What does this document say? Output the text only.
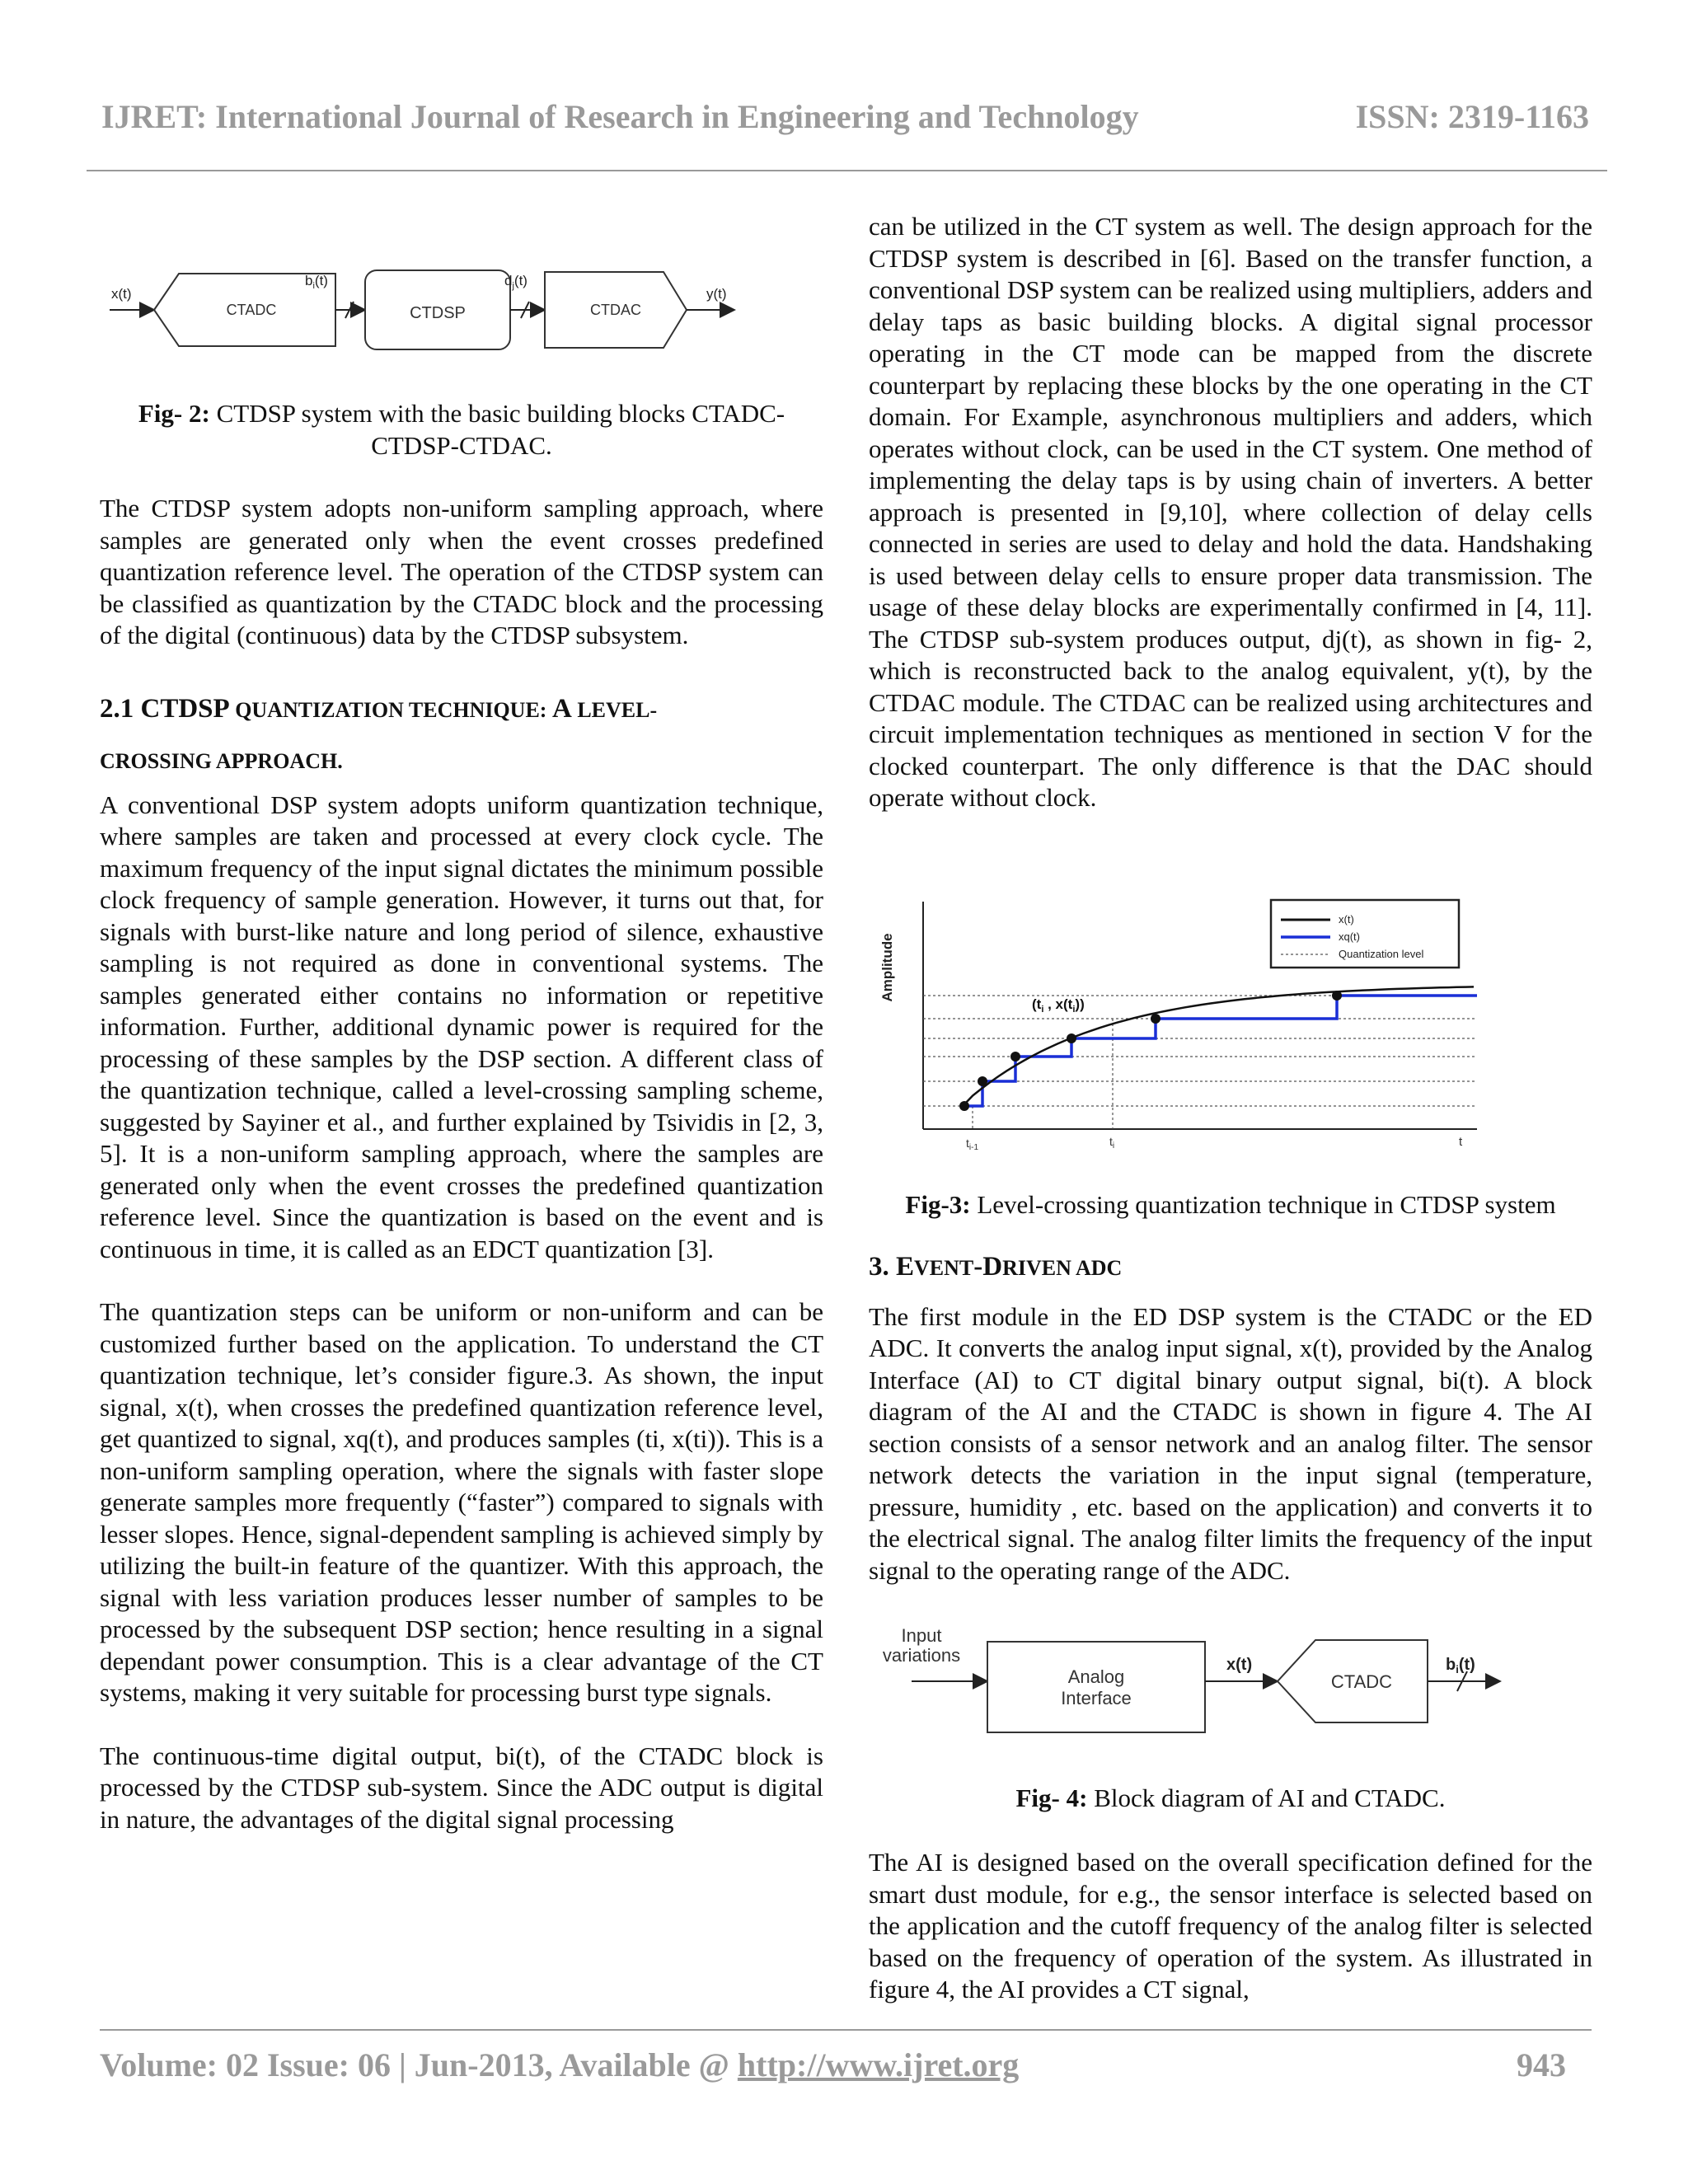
IJRET: International Journal of Research in Engineering and Technology	ISSN: 2319-1163
x(t)
CTADC
$b_i(t)$
CTDSP
$d_j(t)$
CTDAC
y(t)

Fig- 2: CTDSP system with the basic building blocks CTADC-CTDSP-CTDAC.

The CTDSP system adopts non-uniform sampling approach, where samples are generated only when the event crosses predefined quantization reference level. The operation of the CTDSP system can be classified as quantization by the CTADC block and the processing of the digital (continuous) data by the CTDSP subsystem.

2.1 CTDSP QUANTIZATION TECHNIQUE: A LEVEL-

CROSSING APPROACH.

A conventional DSP system adopts uniform quantization technique, where samples are taken and processed at every clock cycle. The maximum frequency of the input signal dictates the minimum possible clock frequency of sample generation. However, it turns out that, for signals with burst-like nature and long period of silence, exhaustive sampling is not required as done in conventional systems. The samples generated either contains no information or repetitive information. Further, additional dynamic power is required for the processing of these samples by the DSP section. A different class of the quantization technique, called a level-crossing sampling scheme, suggested by Sayiner et al., and further explained by Tsividis in [2, 3, 5]. It is a non-uniform sampling approach, where the samples are generated only when the event crosses the predefined quantization reference level. Since the quantization is based on the event and is continuous in time, it is called as an EDCT quantization [3].

The quantization steps can be uniform or non-uniform and can be customized further based on the application. To understand the CT quantization technique, let’s consider figure.3. As shown, the input signal, x(t), when crosses the predefined quantization reference level, get quantized to signal, xq(t), and produces samples (ti, x(ti)). This is a non-uniform sampling operation, where the signals with faster slope generate samples more frequently (“faster”) compared to signals with lesser slopes. Hence, signal-dependent sampling is achieved simply by utilizing the built-in feature of the quantizer. With this approach, the signal with less variation produces lesser number of samples to be processed by the subsequent DSP section; hence resulting in a signal dependant power consumption. This is a clear advantage of the CT systems, making it very suitable for processing burst type signals.

The continuous-time digital output, bi(t), of the CTADC block is processed by the CTDSP sub-system. Since the ADC output is digital in nature, the advantages of the digital signal processing

can be utilized in the CT system as well. The design approach for the CTDSP system is described in [6]. Based on the transfer function, a conventional DSP system can be realized using multipliers, adders and delay taps as basic building blocks. A digital signal processor operating in the CT mode can be mapped from the discrete counterpart by replacing these blocks by the one operating in the CT domain. For Example, asynchronous multipliers and adders, which operates without clock, can be used in the CT system. One method of implementing the delay taps is by using chain of inverters. A better approach is presented in [9,10], where collection of delay cells connected in series are used to delay and hold the data. Handshaking is used between delay cells to ensure proper data transmission. The usage of these delay blocks are experimentally confirmed in [4, 11]. The CTDSP sub-system produces output, dj(t), as shown in fig- 2, which is reconstructed back to the analog equivalent, y(t), by the CTDAC module. The CTDAC can be realized using architectures and circuit implementation techniques as mentioned in section V for the clocked counterpart. The only difference is that the DAC should operate without clock.

Amplitude
($t_i$ , $x(t_i)$)
$t_{i-1}$	$t_i$	t
x(t)
xq(t)
Quantization level

Fig-3: Level-crossing quantization technique in CTDSP system

3. EVENT-DRIVEN ADC

The first module in the ED DSP system is the CTADC or the ED ADC. It converts the analog input signal, x(t), provided by the Analog Interface (AI) to CT digital binary output signal, bi(t). A block diagram of the AI and the CTADC is shown in figure 4. The AI section consists of a sensor network and an analog filter. The sensor network detects the variation in the input signal (temperature, pressure, humidity , etc. based on the application) and converts it to the electrical signal. The analog filter limits the frequency of the input signal to the operating range of the ADC.

Input
variations
Analog
Interface
x(t)
CTADC
$b_i(t)$

Fig- 4: Block diagram of AI and CTADC.

The AI is designed based on the overall specification defined for the smart dust module, for e.g., the sensor interface is selected based on the application and the cutoff frequency of the analog filter is selected based on the frequency of operation of the system. As illustrated in figure 4, the AI provides a CT signal,

Volume: 02 Issue: 06 | Jun-2013, Available @ http://www.ijret.org	943
